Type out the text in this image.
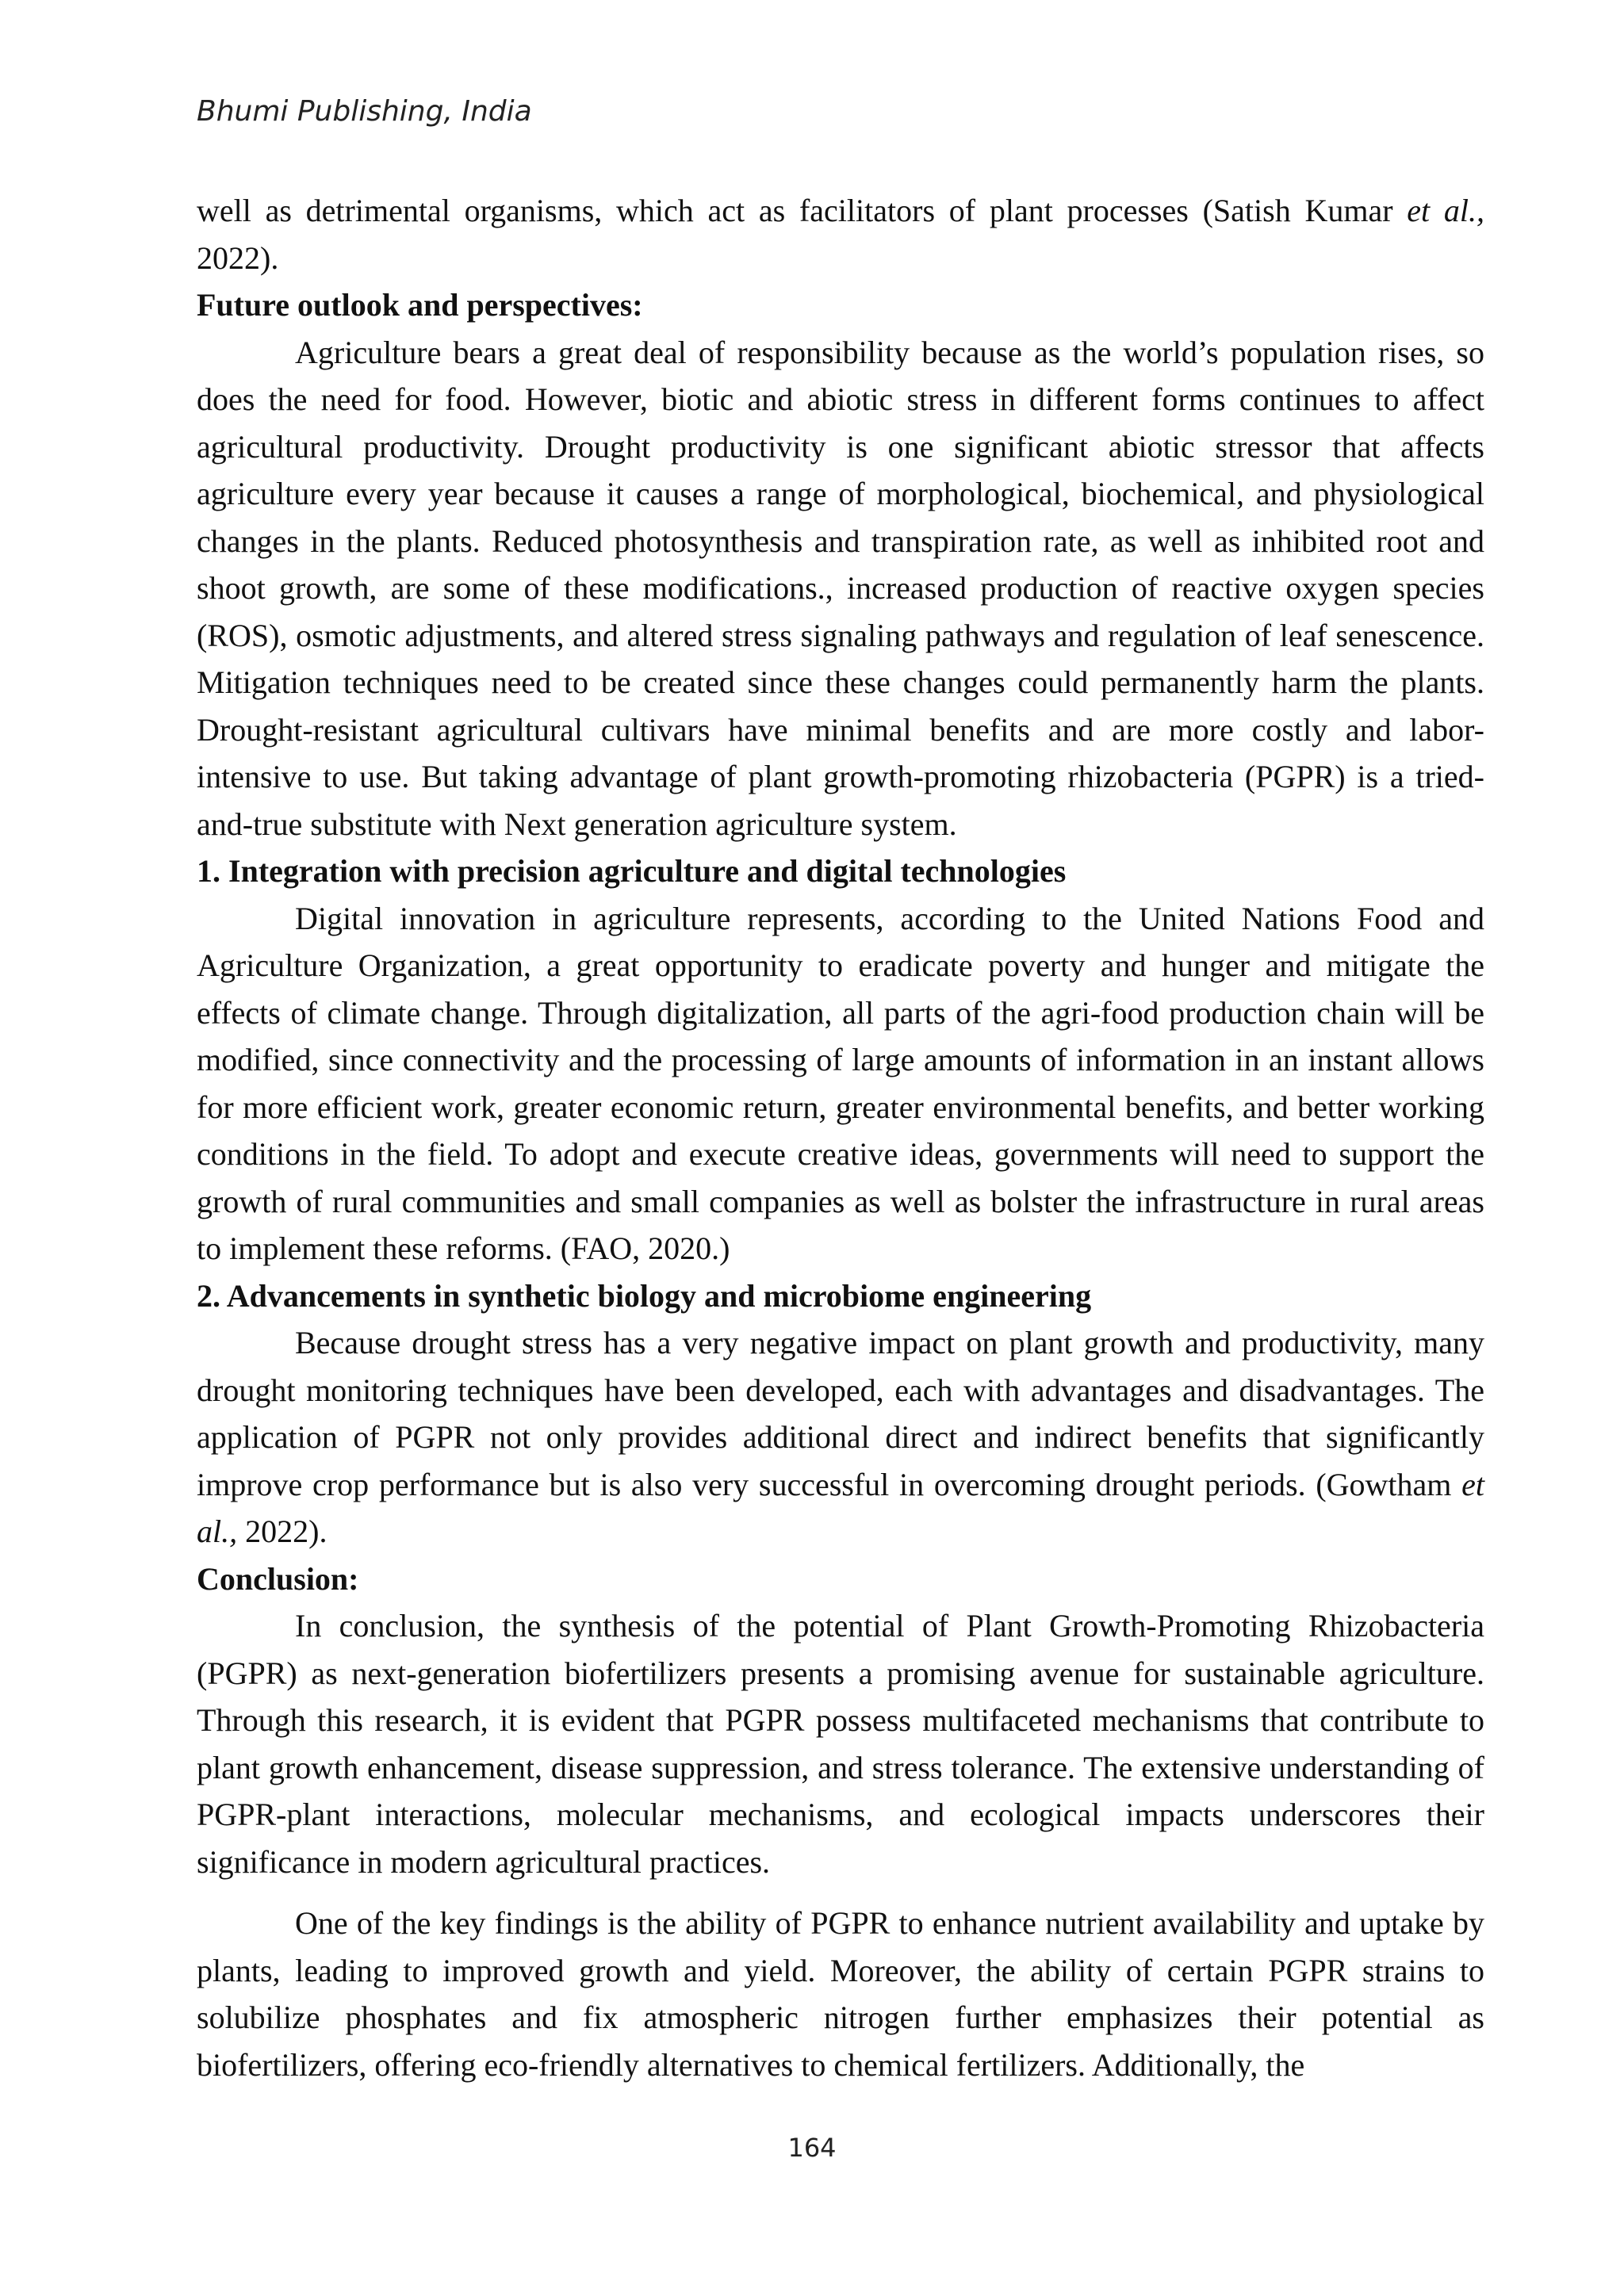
Bhumi Publishing, India

well as detrimental organisms, which act as facilitators of plant processes (Satish Kumar et al., 2022).

Future outlook and perspectives:

Agriculture bears a great deal of responsibility because as the world’s population rises, so does the need for food. However, biotic and abiotic stress in different forms continues to affect agricultural productivity. Drought productivity is one significant abiotic stressor that affects agriculture every year because it causes a range of morphological, biochemical, and physiological changes in the plants. Reduced photosynthesis and transpiration rate, as well as inhibited root and shoot growth, are some of these modifications., increased production of reactive oxygen species (ROS), osmotic adjustments, and altered stress signaling pathways and regulation of leaf senescence. Mitigation techniques need to be created since these changes could permanently harm the plants. Drought-resistant agricultural cultivars have minimal benefits and are more costly and labor-intensive to use. But taking advantage of plant growth-promoting rhizobacteria (PGPR) is a tried-and-true substitute with Next generation agriculture system.

1. Integration with precision agriculture and digital technologies

Digital innovation in agriculture represents, according to the United Nations Food and Agriculture Organization, a great opportunity to eradicate poverty and hunger and mitigate the effects of climate change. Through digitalization, all parts of the agri-food production chain will be modified, since connectivity and the processing of large amounts of information in an instant allows for more efficient work, greater economic return, greater environmental benefits, and better working conditions in the field. To adopt and execute creative ideas, governments will need to support the growth of rural communities and small companies as well as bolster the infrastructure in rural areas to implement these reforms. (FAO, 2020.)

2. Advancements in synthetic biology and microbiome engineering

Because drought stress has a very negative impact on plant growth and productivity, many drought monitoring techniques have been developed, each with advantages and disadvantages. The application of PGPR not only provides additional direct and indirect benefits that significantly improve crop performance but is also very successful in overcoming drought periods. (Gowtham et al., 2022).

Conclusion:

In conclusion, the synthesis of the potential of Plant Growth-Promoting Rhizobacteria (PGPR) as next-generation biofertilizers presents a promising avenue for sustainable agriculture. Through this research, it is evident that PGPR possess multifaceted mechanisms that contribute to plant growth enhancement, disease suppression, and stress tolerance. The extensive understanding of PGPR-plant interactions, molecular mechanisms, and ecological impacts underscores their significance in modern agricultural practices.

One of the key findings is the ability of PGPR to enhance nutrient availability and uptake by plants, leading to improved growth and yield. Moreover, the ability of certain PGPR strains to solubilize phosphates and fix atmospheric nitrogen further emphasizes their potential as biofertilizers, offering eco-friendly alternatives to chemical fertilizers. Additionally, the

164
